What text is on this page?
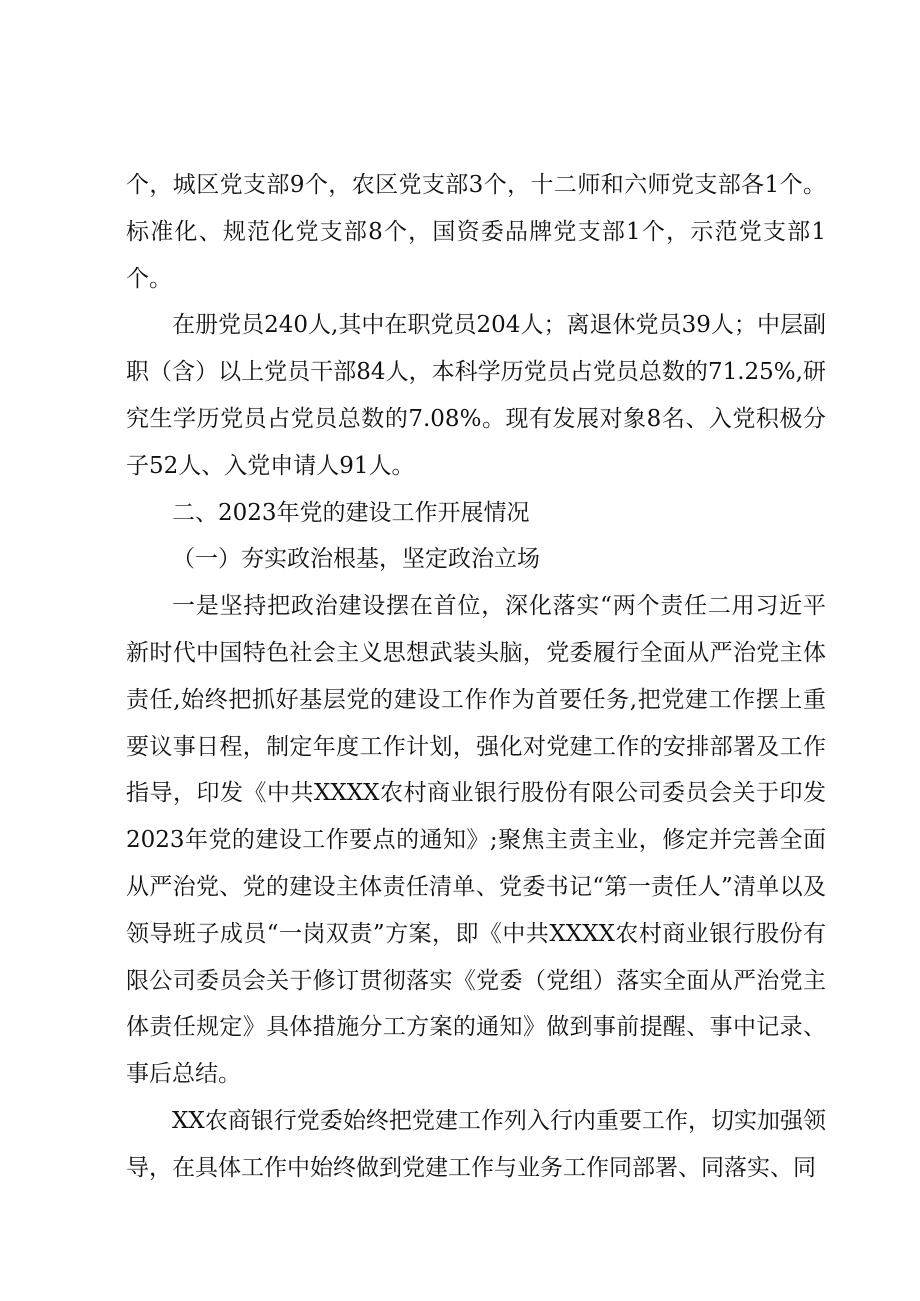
个，城区党支部9个，农区党支部3个，十二师和六师党支部各1个。标准化、规范化党支部8个，国资委品牌党支部1个，示范党支部1个。

在册党员240人,其中在职党员204人；离退休党员39人；中层副职（含）以上党员干部84人，本科学历党员占党员总数的71.25%,研究生学历党员占党员总数的7.08%。现有发展对象8名、入党积极分子52人、入党申请人91人。

二、2023年党的建设工作开展情况

（一）夯实政治根基，坚定政治立场

一是坚持把政治建设摆在首位，深化落实“两个责任二用习近平新时代中国特色社会主义思想武装头脑，党委履行全面从严治党主体责任,始终把抓好基层党的建设工作作为首要任务,把党建工作摆上重要议事日程，制定年度工作计划，强化对党建工作的安排部署及工作指导，印发《中共XXXX农村商业银行股份有限公司委员会关于印发2023年党的建设工作要点的通知》;聚焦主责主业，修定并完善全面从严治党、党的建设主体责任清单、党委书记“第一责任人”清单以及领导班子成员“一岗双责”方案，即《中共XXXX农村商业银行股份有限公司委员会关于修订贯彻落实《党委（党组）落实全面从严治党主体责任规定》具体措施分工方案的通知》做到事前提醒、事中记录、事后总结。

XX农商银行党委始终把党建工作列入行内重要工作，切实加强领导，在具体工作中始终做到党建工作与业务工作同部署、同落实、同
